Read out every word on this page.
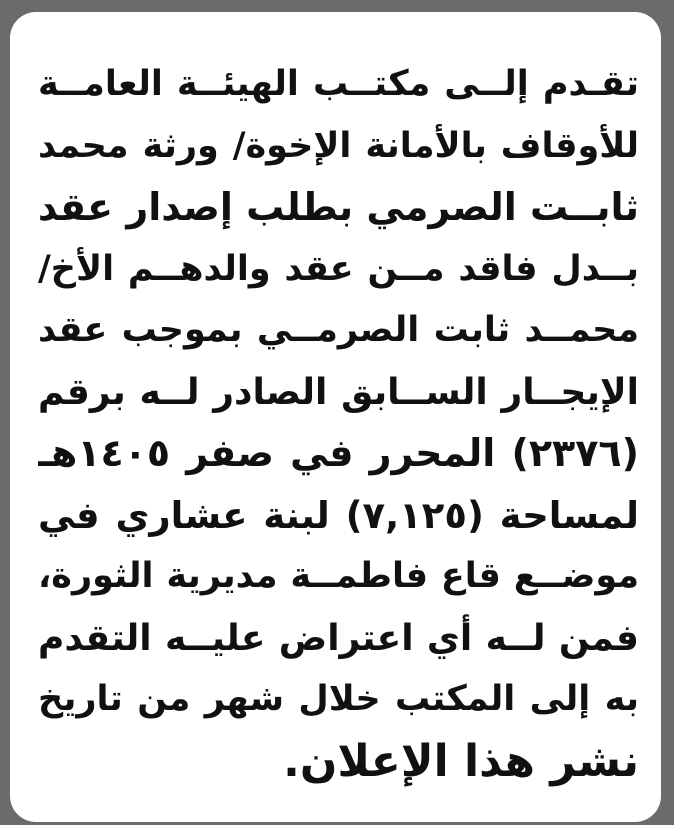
تقـدم إلــى مكتــب الهيئــة العامــة
للأوقاف بالأمانة الإخوة/ ورثة محمد
ثابــت الصرمي بطلب إصدار عقد
بــدل فاقد مــن عقد والدهــم الأخ/
محمــد ثابت الصرمــي بموجب عقد
الإيجــار الســابق الصادر لــه برقم
(٢٣٧٦) المحرر في صفر ١٤٠٥هـ
لمساحة (٧,١٢٥) لبنة عشاري في
موضــع قاع فاطمــة مديرية الثورة،
فمن لــه أي اعتراض عليــه التقدم
به إلى المكتب خلال شهر من تاريخ
نشر هذا الإعلان.
